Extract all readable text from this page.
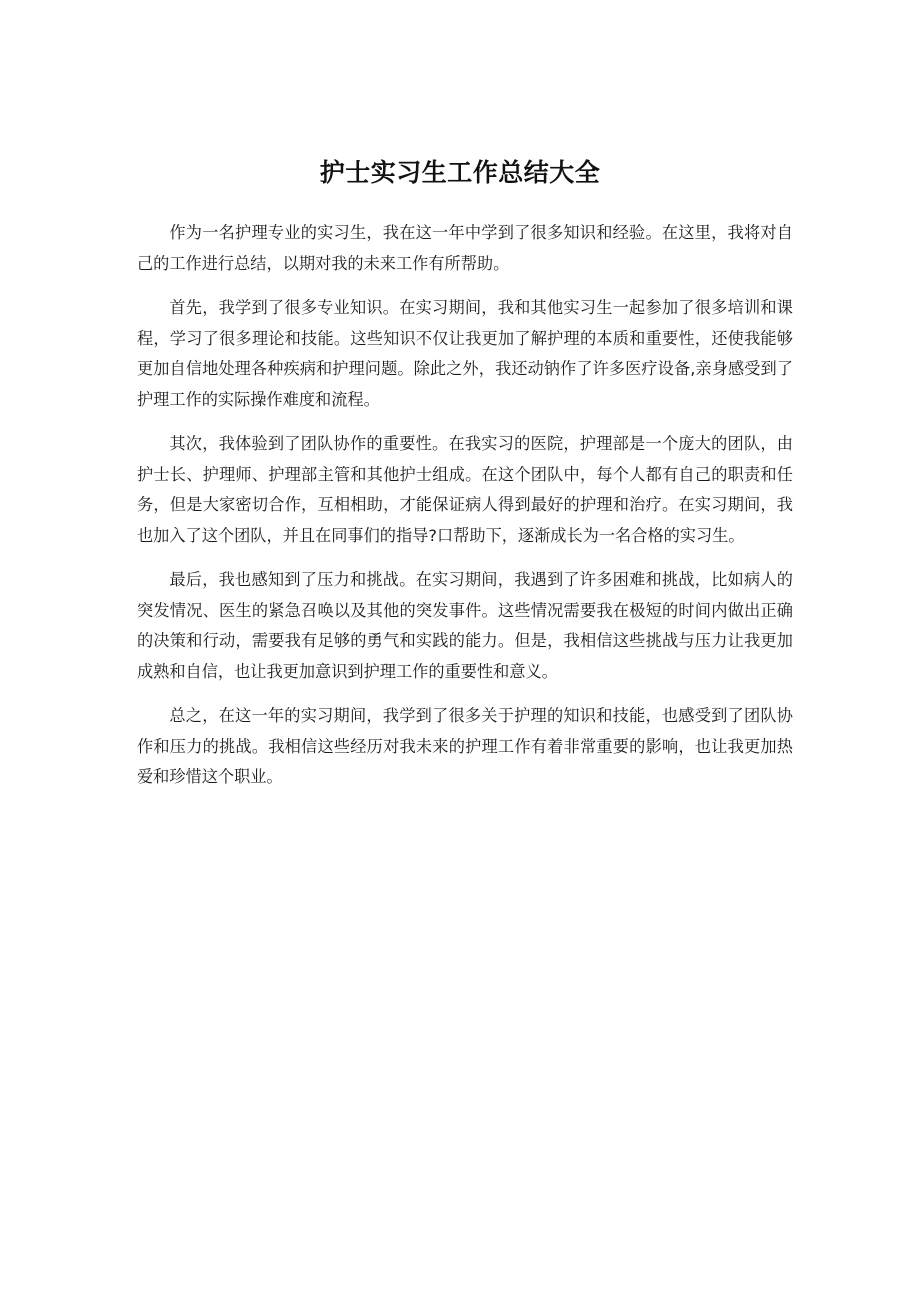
护士实习生工作总结大全

作为一名护理专业的实习生，我在这一年中学到了很多知识和经验。在这里，我将对自己的工作进行总结，以期对我的未来工作有所帮助。

首先，我学到了很多专业知识。在实习期间，我和其他实习生一起参加了很多培训和课程，学习了很多理论和技能。这些知识不仅让我更加了解护理的本质和重要性，还使我能够更加自信地处理各种疾病和护理问题。除此之外，我还动钠作了许多医疗设备,亲身感受到了护理工作的实际操作难度和流程。

其次，我体验到了团队协作的重要性。在我实习的医院，护理部是一个庞大的团队，由护士长、护理师、护理部主管和其他护士组成。在这个团队中，每个人都有自己的职责和任务，但是大家密切合作，互相相助，才能保证病人得到最好的护理和治疗。在实习期间，我也加入了这个团队，并且在同事们的指导?口帮助下，逐渐成长为一名合格的实习生。

最后，我也感知到了压力和挑战。在实习期间，我遇到了许多困难和挑战，比如病人的突发情况、医生的紧急召唤以及其他的突发事件。这些情况需要我在极短的时间内做出正确的决策和行动，需要我有足够的勇气和实践的能力。但是，我相信这些挑战与压力让我更加成熟和自信，也让我更加意识到护理工作的重要性和意义。

总之，在这一年的实习期间，我学到了很多关于护理的知识和技能，也感受到了团队协作和压力的挑战。我相信这些经历对我未来的护理工作有着非常重要的影响，也让我更加热爱和珍惜这个职业。
